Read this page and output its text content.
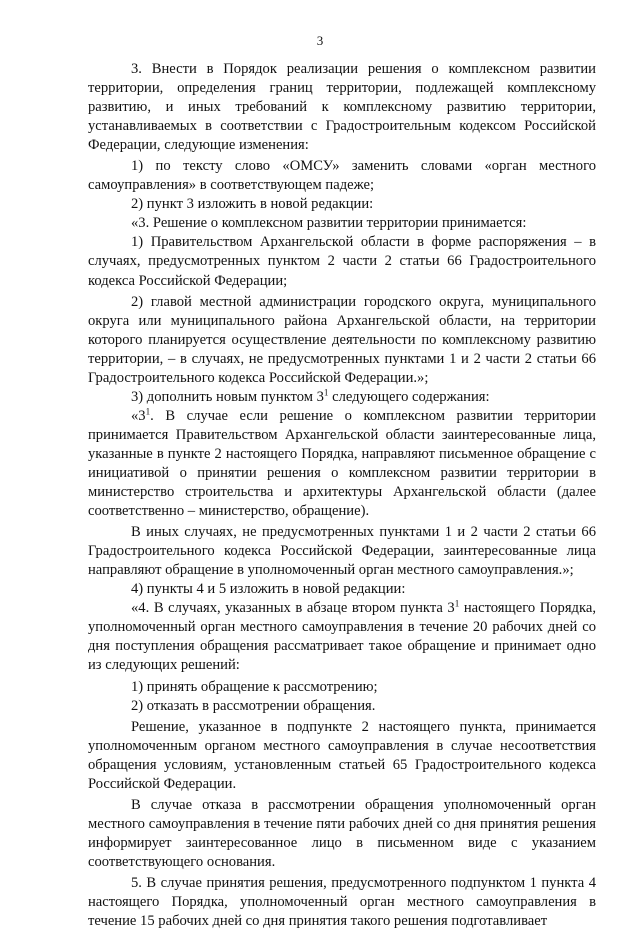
3

3. Внести в Порядок реализации решения о комплексном развитии территории, определения границ территории, подлежащей комплексному развитию, и иных требований к комплексному развитию территории, устанавливаемых в соответствии с Градостроительным кодексом Российской Федерации, следующие изменения:

1) по тексту слово «ОМСУ» заменить словами «орган местного самоуправления» в соответствующем падеже;

2) пункт 3 изложить в новой редакции:

«3. Решение о комплексном развитии территории принимается:

1) Правительством Архангельской области в форме распоряжения – в случаях, предусмотренных пунктом 2 части 2 статьи 66 Градостроительного кодекса Российской Федерации;

2) главой местной администрации городского округа, муниципального округа или муниципального района Архангельской области, на территории которого планируется осуществление деятельности по комплексному развитию территории, – в случаях, не предусмотренных пунктами 1 и 2 части 2 статьи 66 Градостроительного кодекса Российской Федерации.»;

3) дополнить новым пунктом $3^1$ следующего содержания:

«$3^1$. В случае если решение о комплексном развитии территории принимается Правительством Архангельской области заинтересованные лица, указанные в пункте 2 настоящего Порядка, направляют письменное обращение с инициативой о принятии решения о комплексном развитии территории в министерство строительства и архитектуры Архангельской области (далее соответственно – министерство, обращение).

В иных случаях, не предусмотренных пунктами 1 и 2 части 2 статьи 66 Градостроительного кодекса Российской Федерации, заинтересованные лица направляют обращение в уполномоченный орган местного самоуправления.»;

4) пункты 4 и 5 изложить в новой редакции:

«4. В случаях, указанных в абзаце втором пункта $3^1$ настоящего Порядка, уполномоченный орган местного самоуправления в течение 20 рабочих дней со дня поступления обращения рассматривает такое обращение и принимает одно из следующих решений:

1) принять обращение к рассмотрению;

2) отказать в рассмотрении обращения.

Решение, указанное в подпункте 2 настоящего пункта, принимается уполномоченным органом местного самоуправления в случае несоответствия обращения условиям, установленным статьей 65 Градостроительного кодекса Российской Федерации.

В случае отказа в рассмотрении обращения уполномоченный орган местного самоуправления в течение пяти рабочих дней со дня принятия решения информирует заинтересованное лицо в письменном виде с указанием соответствующего основания.

5. В случае принятия решения, предусмотренного подпунктом 1 пункта 4 настоящего Порядка, уполномоченный орган местного самоуправления в течение 15 рабочих дней со дня принятия такого решения подготавливает
